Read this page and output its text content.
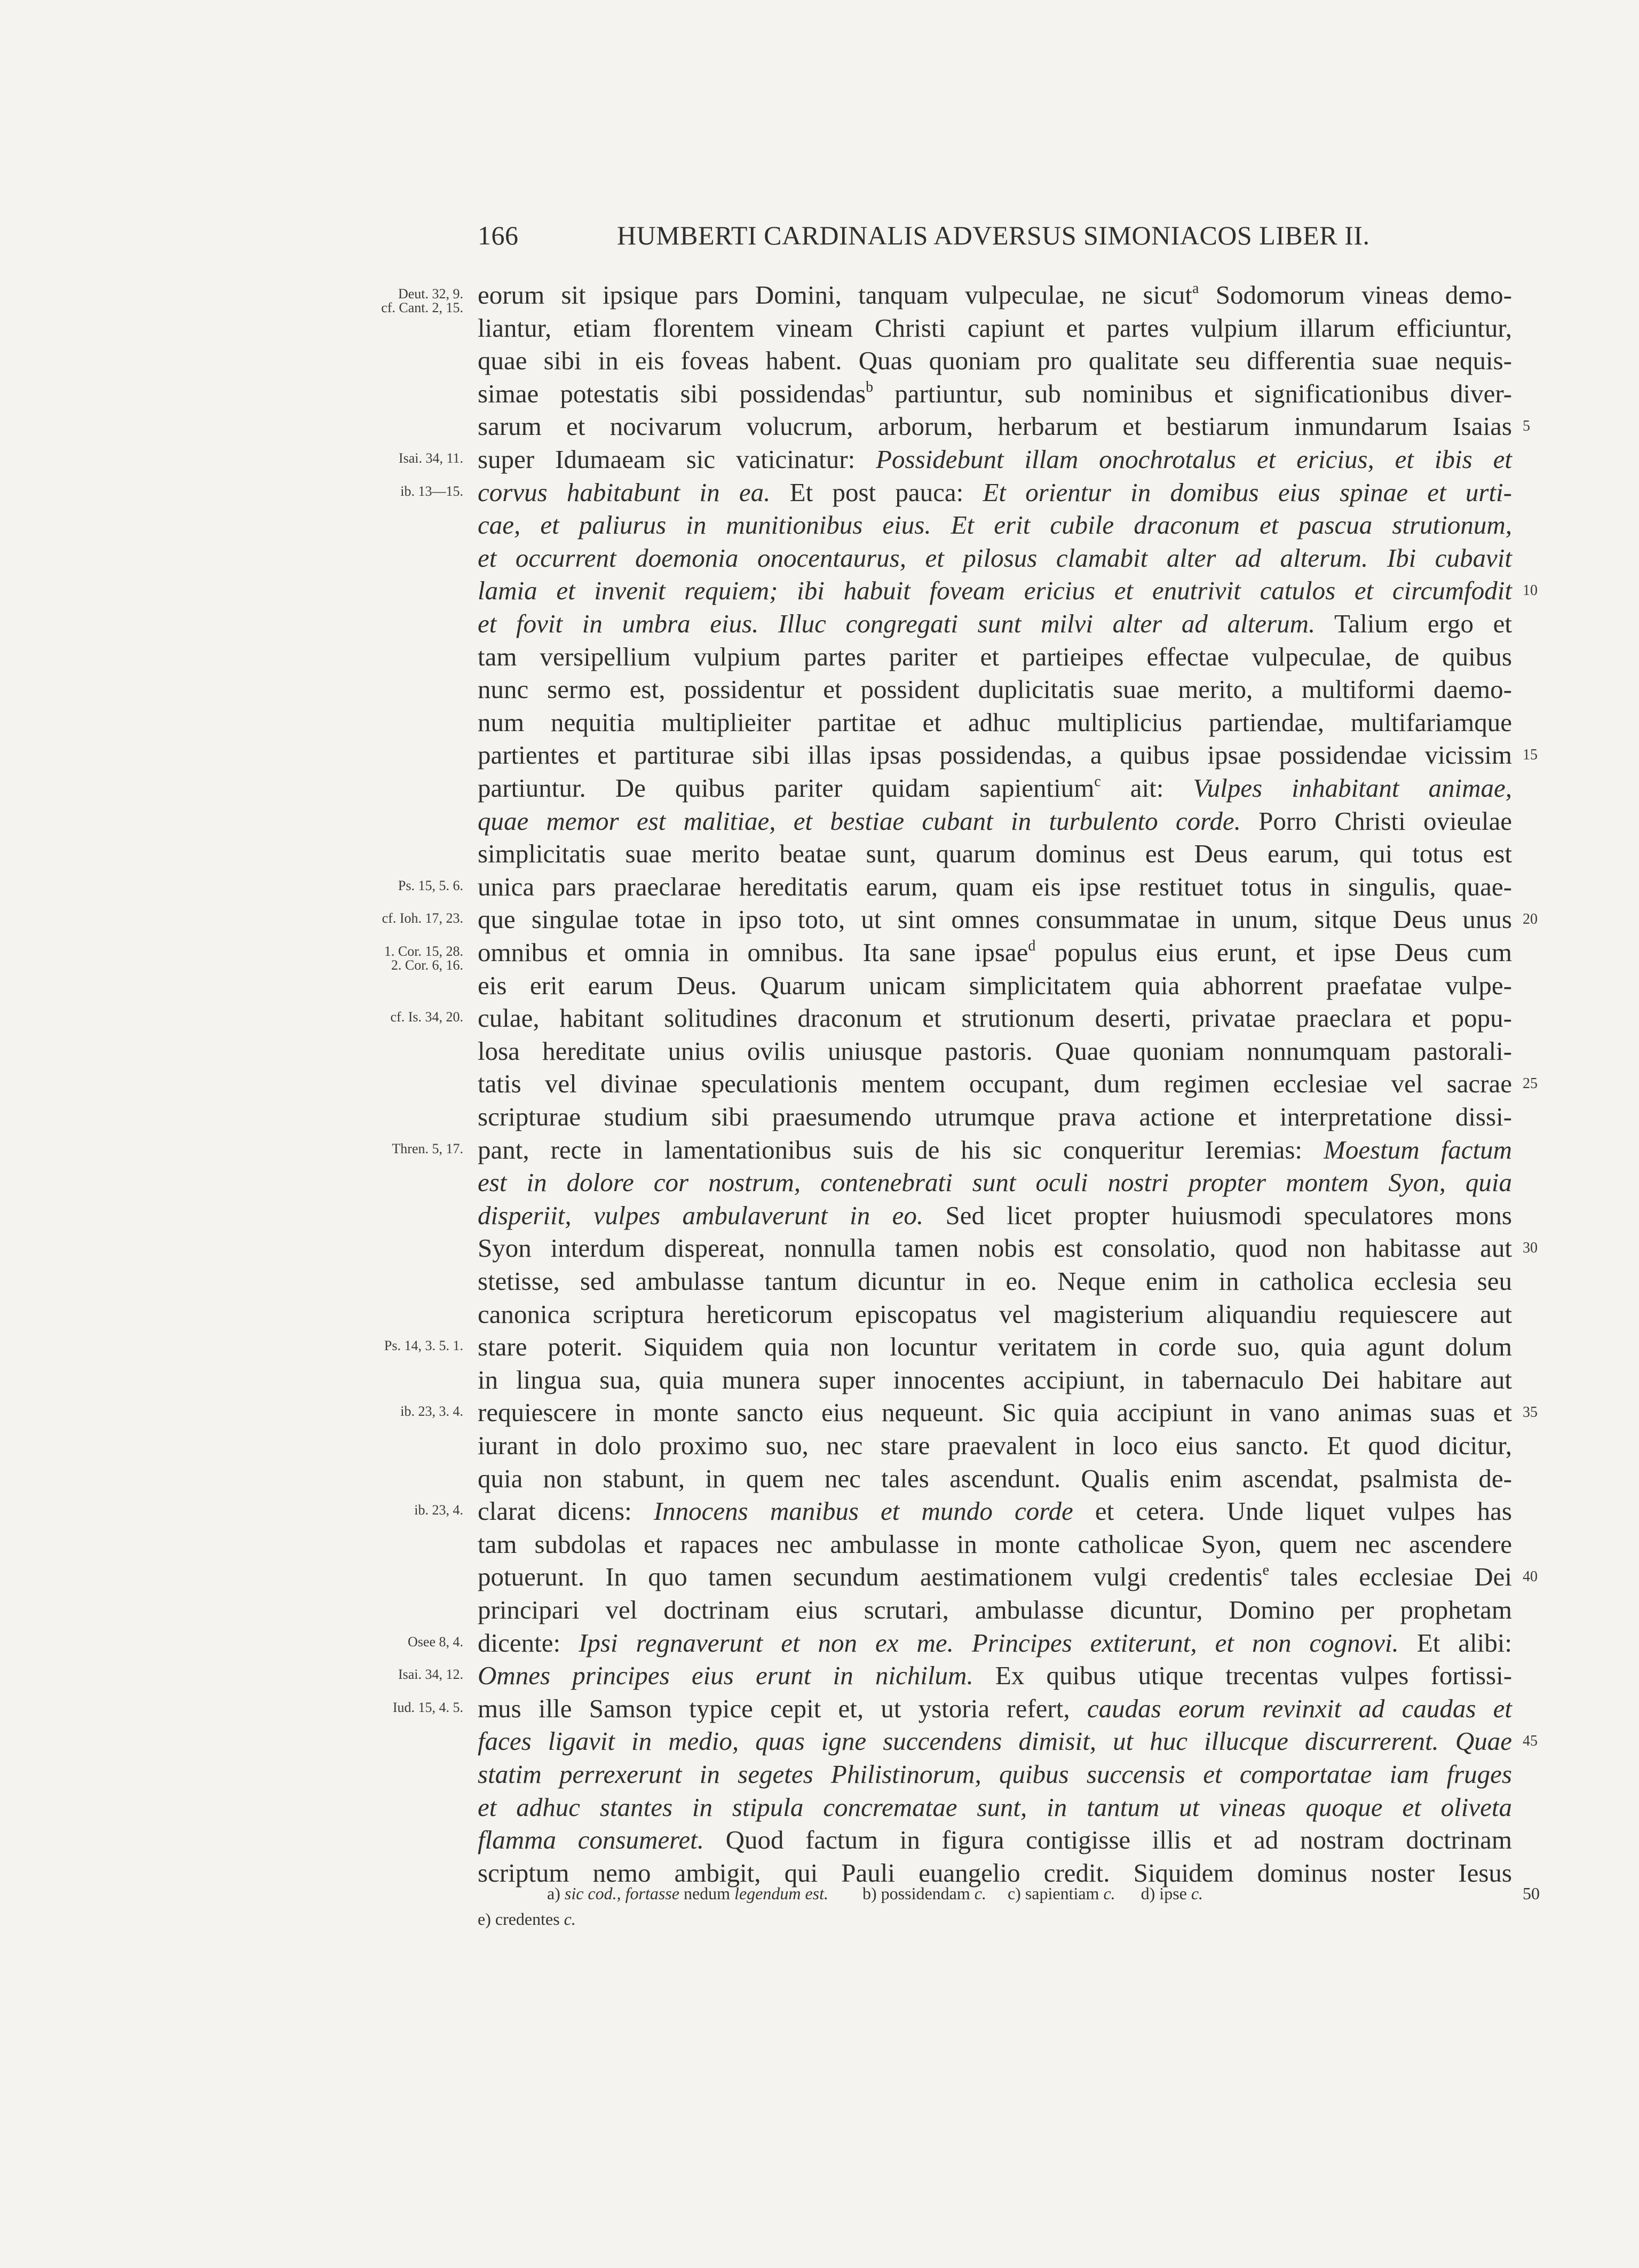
166	HUMBERTI CARDINALIS ADVERSUS SIMONIACOS LIBER II.
eorum sit ipsique pars Domini, tanquam vulpeculae, ne sicut$^a$ Sodomorum vineas demo-
liantur, etiam florentem vineam Christi capiunt et partes vulpium illarum efficiuntur,
quae sibi in eis foveas habent. Quas quoniam pro qualitate seu differentia suae nequis-
simae potestatis sibi possidendas$^b$ partiuntur, sub nominibus et significationibus diver-
sarum et nocivarum volucrum, arborum, herbarum et bestiarum inmundarum Isaias
super Idumaeam sic vaticinatur: Possidebunt illam onochrotalus et ericius, et ibis et
corvus habitabunt in ea. Et post pauca: Et orientur in domibus eius spinae et urti-
cae, et paliurus in munitionibus eius. Et erit cubile draconum et pascua strutionum,
et occurrent doemonia onocentaurus, et pilosus clamabit alter ad alterum. Ibi cubavit
lamia et invenit requiem; ibi habuit foveam ericius et enutrivit catulos et circumfodit
et fovit in umbra eius. Illuc congregati sunt milvi alter ad alterum. Talium ergo et
tam versipellium vulpium partes pariter et partieipes effectae vulpeculae, de quibus
nunc sermo est, possidentur et possident duplicitatis suae merito, a multiformi daemo-
num nequitia multiplieiter partitae et adhuc multiplicius partiendae, multifariamque
partientes et partiturae sibi illas ipsas possidendas, a quibus ipsae possidendae vicissim
partiuntur. De quibus pariter quidam sapientium$^c$ ait: Vulpes inhabitant animae,
quae memor est malitiae, et bestiae cubant in turbulento corde. Porro Christi ovieulae
simplicitatis suae merito beatae sunt, quarum dominus est Deus earum, qui totus est
unica pars praeclarae hereditatis earum, quam eis ipse restituet totus in singulis, quae-
que singulae totae in ipso toto, ut sint omnes consummatae in unum, sitque Deus unus
omnibus et omnia in omnibus. Ita sane ipsae$^d$ populus eius erunt, et ipse Deus cum
eis erit earum Deus. Quarum unicam simplicitatem quia abhorrent praefatae vulpe-
culae, habitant solitudines draconum et strutionum deserti, privatae praeclara et popu-
losa hereditate unius ovilis uniusque pastoris. Quae quoniam nonnumquam pastorali-
tatis vel divinae speculationis mentem occupant, dum regimen ecclesiae vel sacrae
scripturae studium sibi praesumendo utrumque prava actione et interpretatione dissi-
pant, recte in lamentationibus suis de his sic conqueritur Ieremias: Moestum factum
est in dolore cor nostrum, contenebrati sunt oculi nostri propter montem Syon, quia
disperiit, vulpes ambulaverunt in eo. Sed licet propter huiusmodi speculatores mons
Syon interdum dispereat, nonnulla tamen nobis est consolatio, quod non habitasse aut
stetisse, sed ambulasse tantum dicuntur in eo. Neque enim in catholica ecclesia seu
canonica scriptura hereticorum episcopatus vel magisterium aliquandiu requiescere aut
stare poterit. Siquidem quia non locuntur veritatem in corde suo, quia agunt dolum
in lingua sua, quia munera super innocentes accipiunt, in tabernaculo Dei habitare aut
requiescere in monte sancto eius nequeunt. Sic quia accipiunt in vano animas suas et
iurant in dolo proximo suo, nec stare praevalent in loco eius sancto. Et quod dicitur,
quia non stabunt, in quem nec tales ascendunt. Qualis enim ascendat, psalmista de-
clarat dicens: Innocens manibus et mundo corde et cetera. Unde liquet vulpes has
tam subdolas et rapaces nec ambulasse in monte catholicae Syon, quem nec ascendere
potuerunt. In quo tamen secundum aestimationem vulgi credentis$^e$ tales ecclesiae Dei
principari vel doctrinam eius scrutari, ambulasse dicuntur, Domino per prophetam
dicente: Ipsi regnaverunt et non ex me. Principes extiterunt, et non cognovi. Et alibi:
Omnes principes eius erunt in nichilum. Ex quibus utique trecentas vulpes fortissi-
mus ille Samson typice cepit et, ut ystoria refert, caudas eorum revinxit ad caudas et
faces ligavit in medio, quas igne succendens dimisit, ut huc illucque discurrerent. Quae
statim perrexerunt in segetes Philistinorum, quibus succensis et comportatae iam fruges
et adhuc stantes in stipula concrematae sunt, in tantum ut vineas quoque et oliveta
flamma consumeret. Quod factum in figura contigisse illis et ad nostram doctrinam
scriptum nemo ambigit, qui Pauli euangelio credit. Siquidem dominus noster Iesus
Deut. 32, 9.
cf. Cant. 2, 15.
Isai. 34, 11.
ib. 13—15.
Ps. 15, 5. 6.
cf. Ioh. 17, 23.
1. Cor. 15, 28.
2. Cor. 6, 16.
cf. Is. 34, 20.
Thren. 5, 17.
Ps. 14, 3. 5. 1.
ib. 23, 3. 4.
ib. 23, 4.
Osee 8, 4.
Isai. 34, 12.
Iud. 15, 4. 5.
5
10
15
20
25
30
35
40
45
a) sic cod., fortasse nedum legendum est.        b) possidendam c.     c) sapientiam c.      d) ipse c.	50
e) credentes c.
